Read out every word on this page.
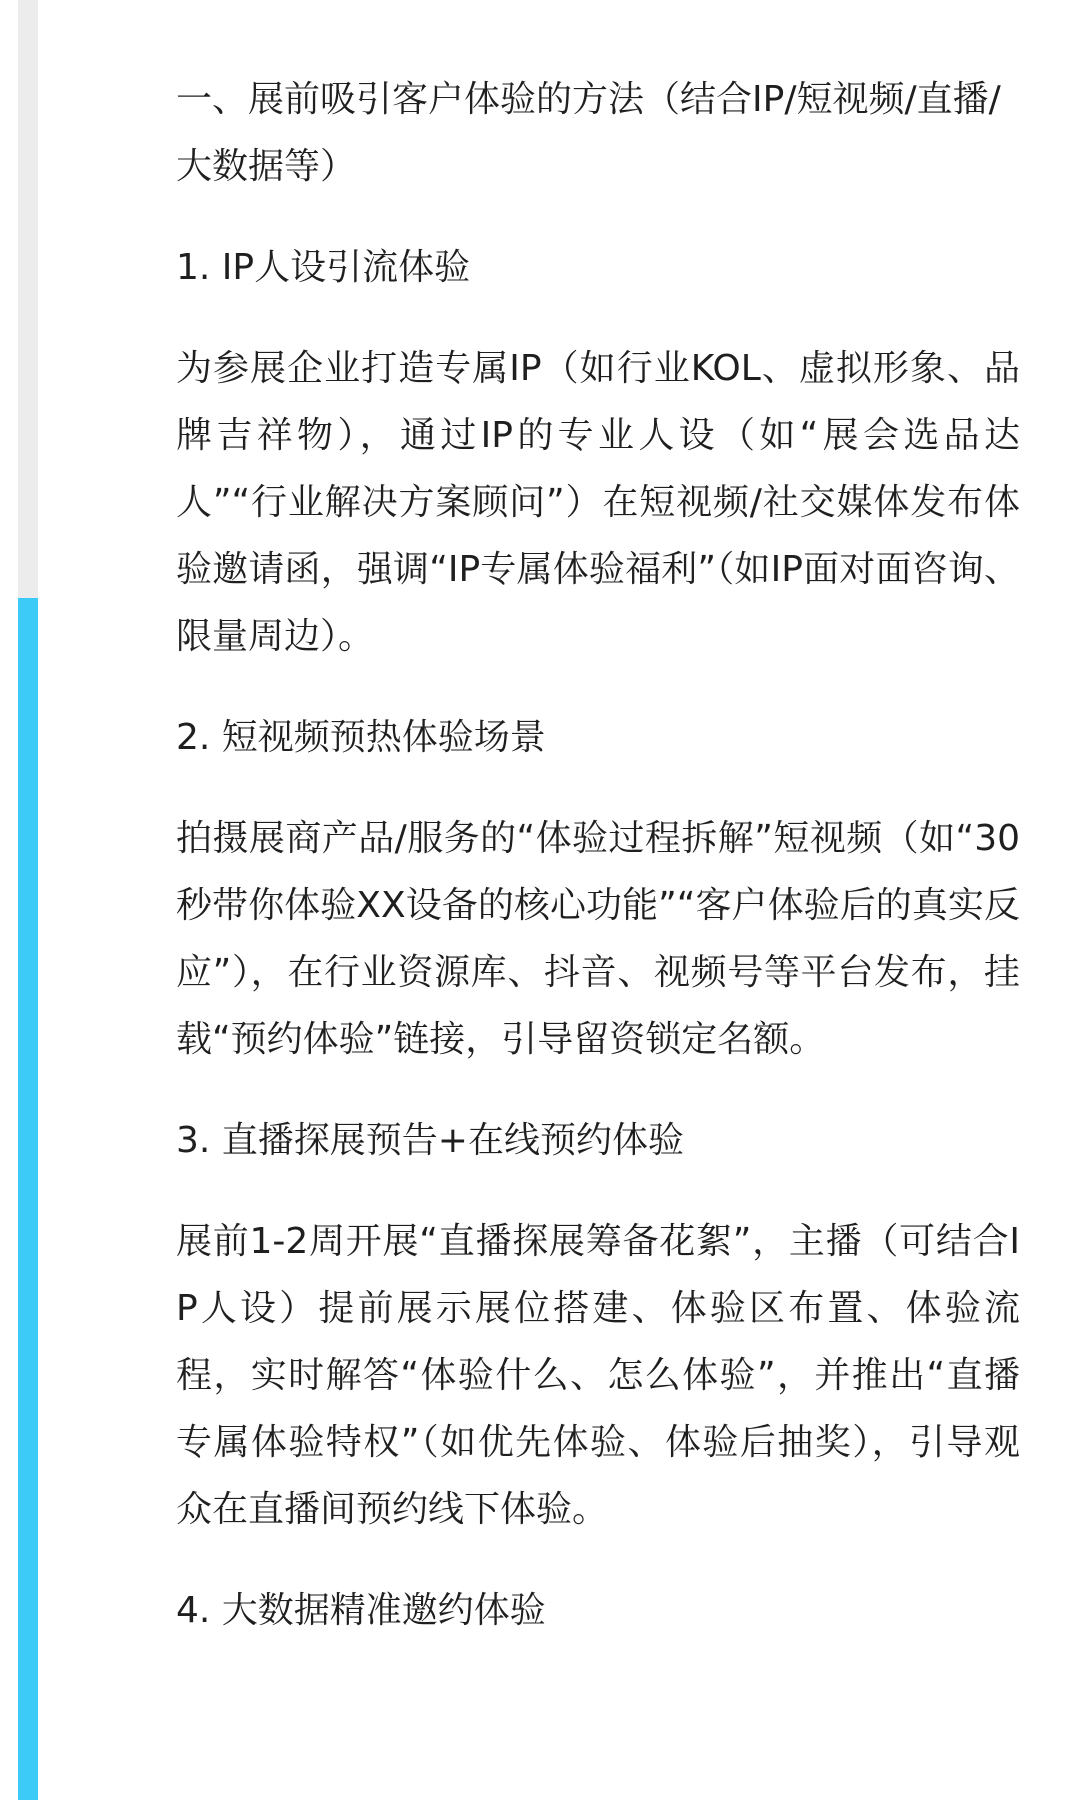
一、展前吸引客户体验的方法（结合IP/短视频/直播/大数据等）
1. IP人设引流体验

为参展企业打造专属IP（如行业KOL、虚拟形象、品牌吉祥物），通过IP的专业人设（如“展会选品达人”“行业解决方案顾问”）在短视频/社交媒体发布体验邀请函，强调“IP专属体验福利”（如IP面对面咨询、限量周边）。

2. 短视频预热体验场景

拍摄展商产品/服务的“体验过程拆解”短视频（如“30秒带你体验XX设备的核心功能”“客户体验后的真实反应”），在行业资源库、抖音、视频号等平台发布，挂载“预约体验”链接，引导留资锁定名额。

3. 直播探展预告+在线预约体验

展前1-2周开展“直播探展筹备花絮”，主播（可结合IP人设）提前展示展位搭建、体验区布置、体验流程，实时解答“体验什么、怎么体验”，并推出“直播专属体验特权”（如优先体验、体验后抽奖），引导观众在直播间预约线下体验。

4. 大数据精准邀约体验
